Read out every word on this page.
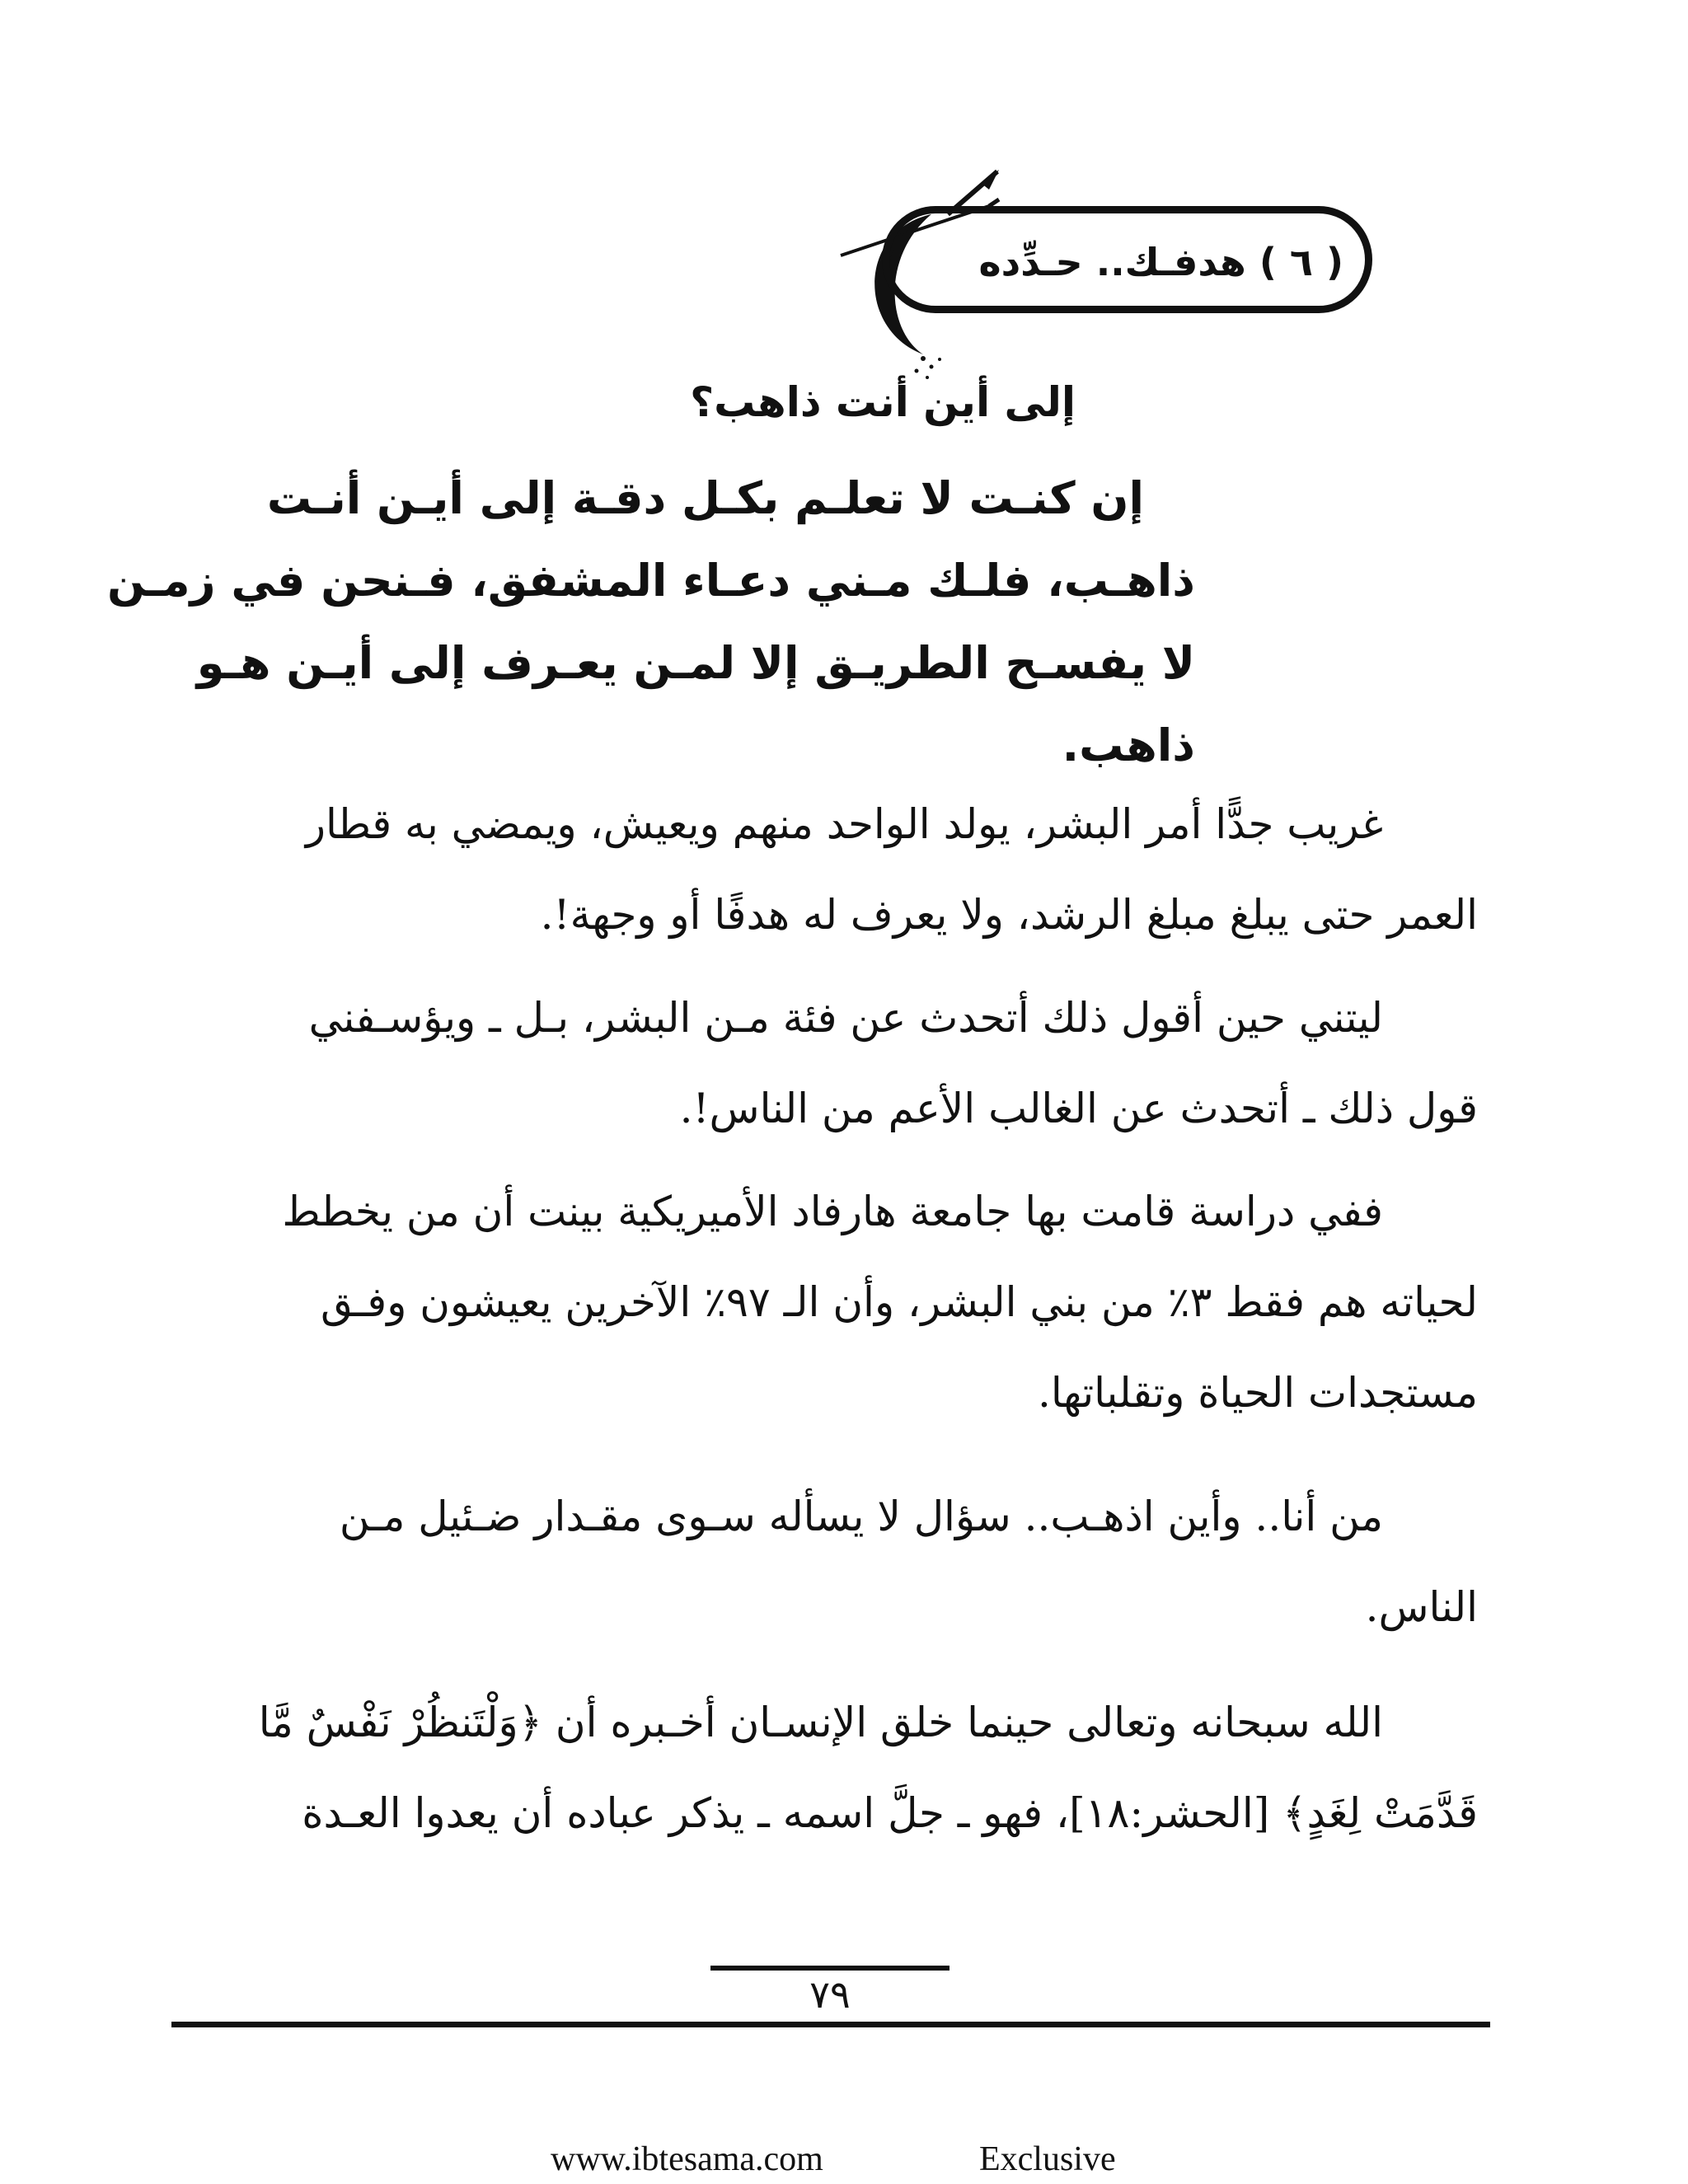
( ٦ ) هدفـك.. حـدِّده
إلى أين أنت ذاهب؟
إن كنـت لا تعلـم بكـل دقـة إلى أيـن أنـت
ذاهـب، فلـك مـني دعـاء المشفق، فـنحن في زمـن
لا يفسـح الطريـق إلا لمـن يعـرف إلى أيـن هـو
ذاهب.
غريب جدًّا أمر البشر، يولد الواحد منهم ويعيش، ويمضي به قطار
العمر حتى يبلغ مبلغ الرشد، ولا يعرف له هدفًا أو وجهة!.
ليتني حين أقول ذلك أتحدث عن فئة مـن البشر، بـل ـ ويؤسـفني
قول ذلك ـ أتحدث عن الغالب الأعم من الناس!.
ففي دراسة قامت بها جامعة هارفاد الأميريكية بينت أن من يخطط
لحياته هم فقط ٣٪ من بني البشر، وأن الـ ٩٧٪ الآخرين يعيشون وفـق
مستجدات الحياة وتقلباتها.
من أنا.. وأين اذهـب.. سؤال لا يسأله سـوى مقـدار ضـئيل مـن
الناس.
الله سبحانه وتعالى حينما خلق الإنسـان أخـبره أن ﴿وَلْتَنظُرْ نَفْسٌ مَّا
قَدَّمَتْ لِغَدٍ﴾ [الحشر:١٨]، فهو ـ جلَّ اسمه ـ يذكر عباده أن يعدوا العـدة
٧٩
www.ibtesama.com	Exclusive
